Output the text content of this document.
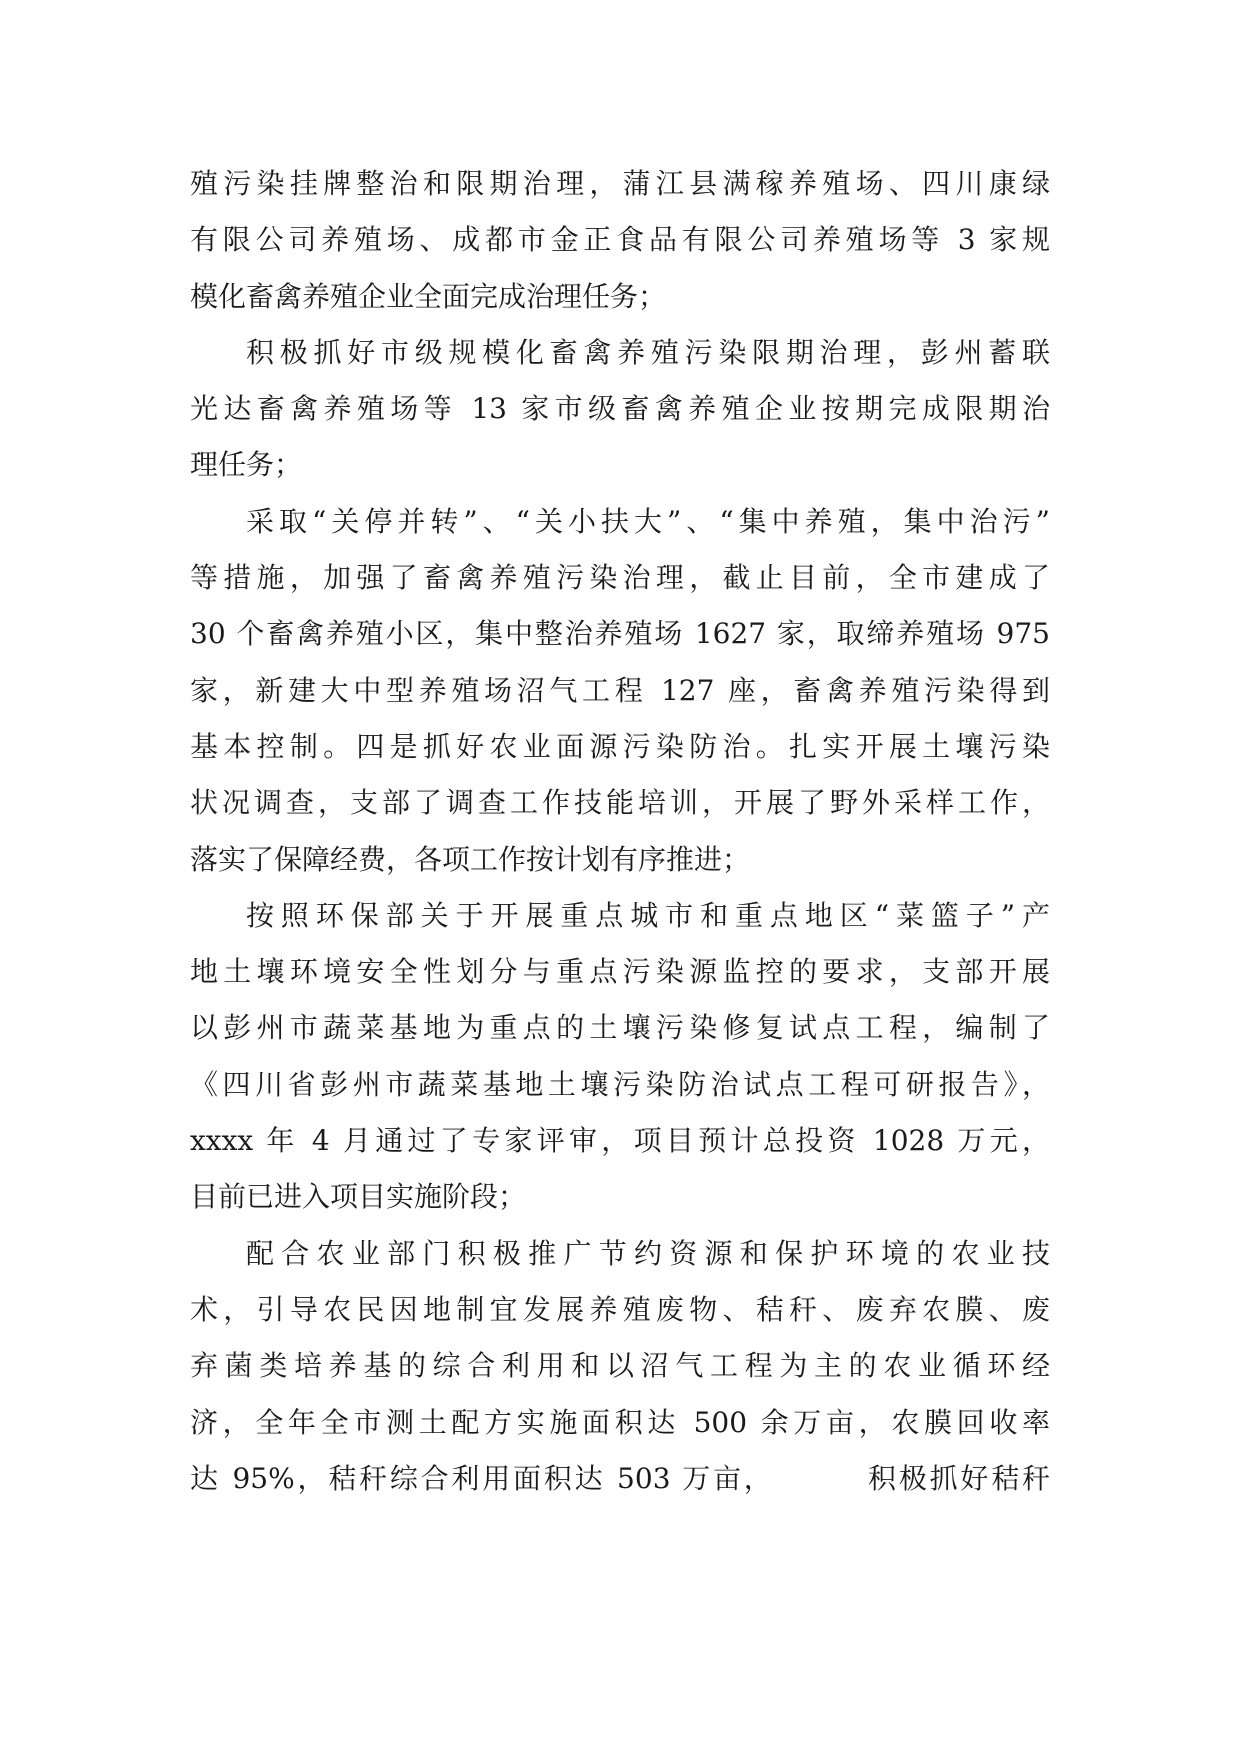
殖污染挂牌整治和限期治理，蒲江县满稼养殖场、四川康绿
有限公司养殖场、成都市金正食品有限公司养殖场等 3 家规
模化畜禽养殖企业全面完成治理任务；
积极抓好市级规模化畜禽养殖污染限期治理，彭州蓄联
光达畜禽养殖场等 13 家市级畜禽养殖企业按期完成限期治
理任务；
采取“关停并转”、“关小扶大”、“集中养殖，集中治污”
等措施，加强了畜禽养殖污染治理，截止目前，全市建成了
30 个畜禽养殖小区，集中整治养殖场 1627 家，取缔养殖场 975
家，新建大中型养殖场沼气工程 127 座，畜禽养殖污染得到
基本控制。四是抓好农业面源污染防治。扎实开展土壤污染
状况调查，支部了调查工作技能培训，开展了野外采样工作，
落实了保障经费，各项工作按计划有序推进；
按照环保部关于开展重点城市和重点地区“菜篮子”产
地土壤环境安全性划分与重点污染源监控的要求，支部开展
以彭州市蔬菜基地为重点的土壤污染修复试点工程，编制了
《四川省彭州市蔬菜基地土壤污染防治试点工程可研报告》，
xxxx 年 4 月通过了专家评审，项目预计总投资 1028 万元，
目前已进入项目实施阶段；
配合农业部门积极推广节约资源和保护环境的农业技
术，引导农民因地制宜发展养殖废物、秸秆、废弃农膜、废
弃菌类培养基的综合利用和以沼气工程为主的农业循环经
济，全年全市测土配方实施面积达 500 余万亩，农膜回收率
达 95%，秸秆综合利用面积达 503 万亩，        积极抓好秸秆
